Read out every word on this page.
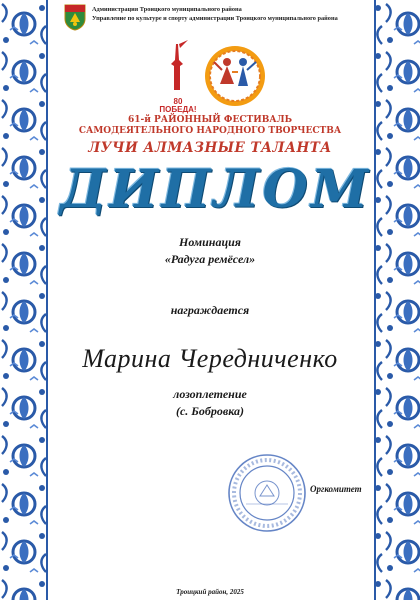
Администрация Троицкого муниципального района
Управление по культуре и спорту администрации Троицкого муниципального района
80 ПОБЕДА!
61-й РАЙОННЫЙ ФЕСТИВАЛЬ
САМОДЕЯТЕЛЬНОГО НАРОДНОГО ТВОРЧЕСТВА
ЛУЧИ АЛМАЗНЫЕ ТАЛАНТА
ДИПЛОМ
Номинация
«Радуга ремёсел»
награждается
Марина Чередниченко
лозоплетение
(с. Бобровка)
Оргкомитет
Троицкий район, 2025
